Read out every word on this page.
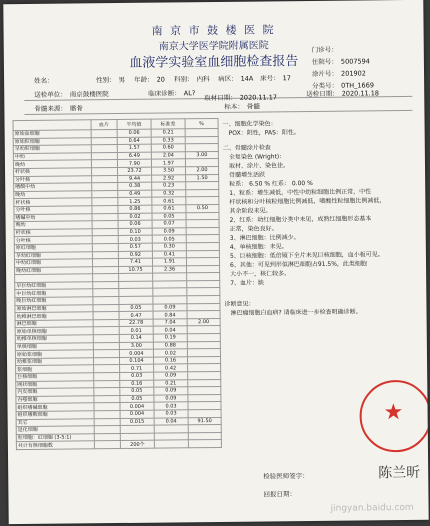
南 京 市 鼓 楼 医 院
南京大学医学院附属医院
血液学实验室血细胞检查报告
门诊号：
住院号： 5007594
涂片号： 201902
分类号： 0TH_1669
姓名：	性别： 男 年龄： 20 科别： 内科 病区： 14A 床号： 17
送检单位： 南京鼓楼医院	临床诊断： AL?
取材日期： 2020.11.17	送检日期： 2020.11.18
骨髓来源： 髂骨	标本： 骨髓
	血片	平均值	标准差	%
原始血细胞		0.06	0.21	
原始粒细胞		0.64	0.33	
早幼粒细胞		1.57	0.60	
中幼		6.49	2.04	3.00
晚幼		7.90	1.97	
杆状核		23.72	3.50	2.00
分叶核		9.44	2.92	1.50
嗜酸中幼		0.38	0.23	
晚幼		0.49	0.32	
杆状核		1.25	0.61	
分叶核		0.86	0.61	0.50
嗜碱中幼		0.02	0.05	
晚幼		0.06	0.07	
杆状核		0.10	0.09	
分叶核		0.03	0.05	
原红细胞		0.57	0.30	
早幼红细胞		0.92	0.41	
中幼红细胞		7.41	1.91	
晚幼红细胞		10.75	2.36	

早巨幼红细胞				
中巨幼红细胞				
晚巨幼红细胞				
原始淋巴细胞		0.05	0.09	
幼稚淋巴细胞		0.47	0.84	
淋巴细胞		22.78	7.04	2.00
原始单核细胞		0.01	0.04	
幼稚单核细胞		0.14	0.19	
单核细胞		3.00	0.88	
原始浆细胞		0.004	0.02	
幼稚浆细胞		0.104	0.16	
浆细胞		0.71	0.42	
巨核细胞		0.03	0.09	
网状细胞		0.16	0.21	
内皮细胞		0.05	0.09	
吞噬细胞		0.05	0.09	
组织嗜碱细胞		0.004	0.03	
组织嗜酸细胞		0.004	0.03	
其它		0.015	0.04	91.50
退化细胞				
粒细胞：红细胞 (3-5:1)				
共计有核细胞数		200个		

一、细胞化学染色：

POX：阴性，PAS：阳性。

二、骨髓涂片检查

全复染色 (Wright)：

取材、涂片、染色佳。

骨髓增生活跃

粒系： 6.50 % 红系： 0.00 %

1、粒系：增生减低，中性中幼粒细胞比例正常，中性

杆状核和分叶核粒细胞比例减低，嗜酸性粒细胞比例减低，

其余阶段未见。

2、红系：幼红细胞分类中未见，成熟红细胞形态基本

正常，染色良好。

3、淋巴细胞：比例减少。

4、单核细胞：未见。

5、巨核细胞：低倍镜下全片未见巨核细胞，血小板可见。

6、其他：可见到形似淋巴细胞占91.5%，此类细胞

大小不一，核仁较多。

7、血片：缺

诊断意见：

淋巴瘤细胞白血病? 请临床进一步检查明确诊断。

★
检验医师签字：	陈兰昕
回报日期：
jingyan.baidu.com
